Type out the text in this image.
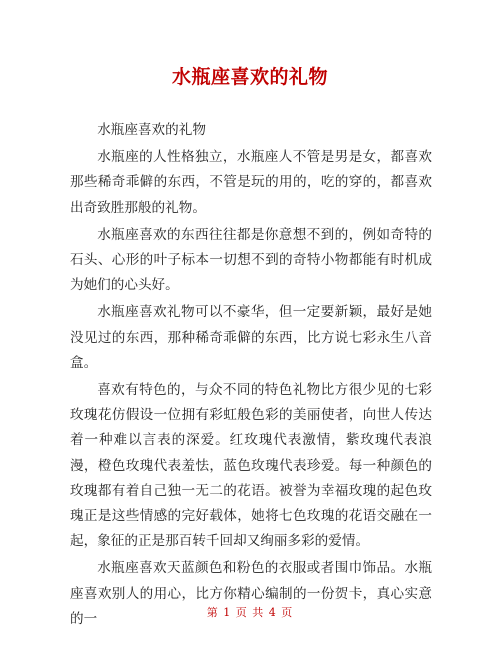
水瓶座喜欢的礼物

水瓶座喜欢的礼物

水瓶座的人性格独立，水瓶座人不管是男是女，都喜欢那些稀奇乖僻的东西，不管是玩的用的，吃的穿的，都喜欢出奇致胜那般的礼物。

水瓶座喜欢的东西往往都是你意想不到的，例如奇特的石头、心形的叶子标本一切想不到的奇特小物都能有时机成为她们的心头好。

水瓶座喜欢礼物可以不豪华，但一定要新颖，最好是她没见过的东西，那种稀奇乖僻的东西，比方说七彩永生八音盒。

喜欢有特色的，与众不同的特色礼物比方很少见的七彩玫瑰花仿假设一位拥有彩虹般色彩的美丽使者，向世人传达着一种难以言表的深爱。红玫瑰代表激情，紫玫瑰代表浪漫，橙色玫瑰代表羞怯，蓝色玫瑰代表珍爱。每一种颜色的玫瑰都有着自己独一无二的花语。被誉为幸福玫瑰的起色玫瑰正是这些情感的完好载体，她将七色玫瑰的花语交融在一起，象征的正是那百转千回却又绚丽多彩的爱情。

水瓶座喜欢天蓝颜色和粉色的衣服或者围巾饰品。水瓶座喜欢别人的用心，比方你精心编制的一份贺卡，真心实意的一	第 1 页 共 4 页
